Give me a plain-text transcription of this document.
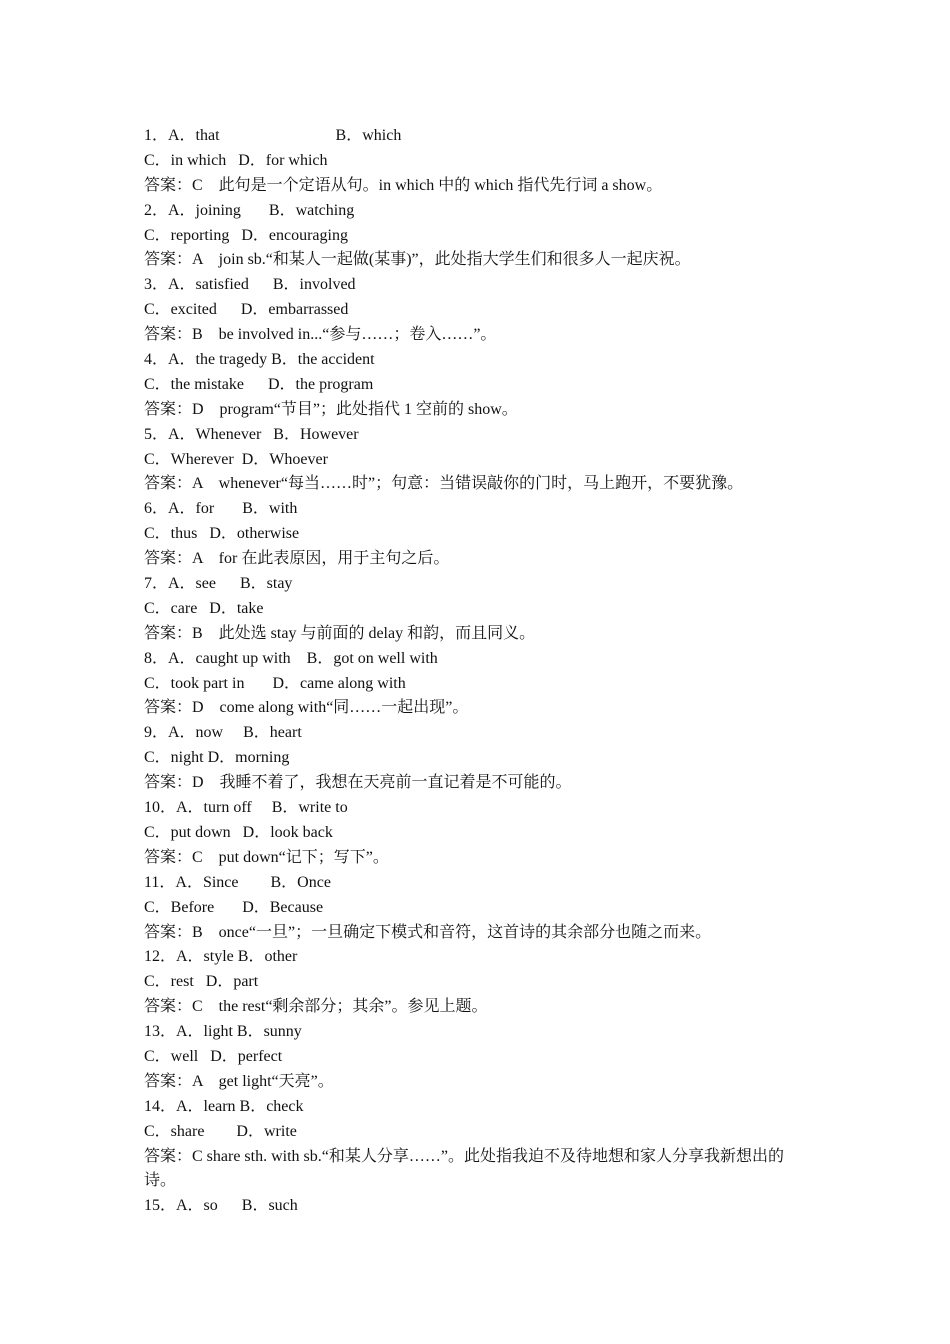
1．A．that                             B．which
C．in which   D．for which
答案：C    此句是一个定语从句。in which 中的 which 指代先行词 a show。
2．A．joining       B．watching
C．reporting   D．encouraging
答案：A    join sb.“和某人一起做(某事)”，此处指大学生们和很多人一起庆祝。
3．A．satisfied      B．involved
C．excited      D．embarrassed
答案：B    be involved in...“参与……；卷入……”。
4．A．the tragedy B．the accident
C．the mistake      D．the program
答案：D    program“节目”；此处指代 1 空前的 show。
5．A．Whenever   B．However
C．Wherever  D．Whoever
答案：A    whenever“每当……时”；句意：当错误敲你的门时，马上跑开，不要犹豫。
6．A．for       B．with
C．thus   D．otherwise
答案：A    for 在此表原因，用于主句之后。
7．A．see      B．stay
C．care   D．take
答案：B    此处选 stay 与前面的 delay 和韵，而且同义。
8．A．caught up with    B．got on well with
C．took part in       D．came along with
答案：D    come along with“同……一起出现”。
9．A．now     B．heart
C．night D．morning
答案：D    我睡不着了，我想在天亮前一直记着是不可能的。
10．A．turn off     B．write to
C．put down   D．look back
答案：C    put down“记下；写下”。
11．A．Since        B．Once
C．Before       D．Because
答案：B    once“一旦”；一旦确定下模式和音符，这首诗的其余部分也随之而来。
12．A．style B．other
C．rest   D．part
答案：C    the rest“剩余部分；其余”。参见上题。
13．A．light B．sunny
C．well   D．perfect
答案：A    get light“天亮”。
14．A．learn B．check
C．share        D．write
答案：C share sth. with sb.“和某人分享……”。此处指我迫不及待地想和家人分享我新想出的诗。
15．A．so      B．such
